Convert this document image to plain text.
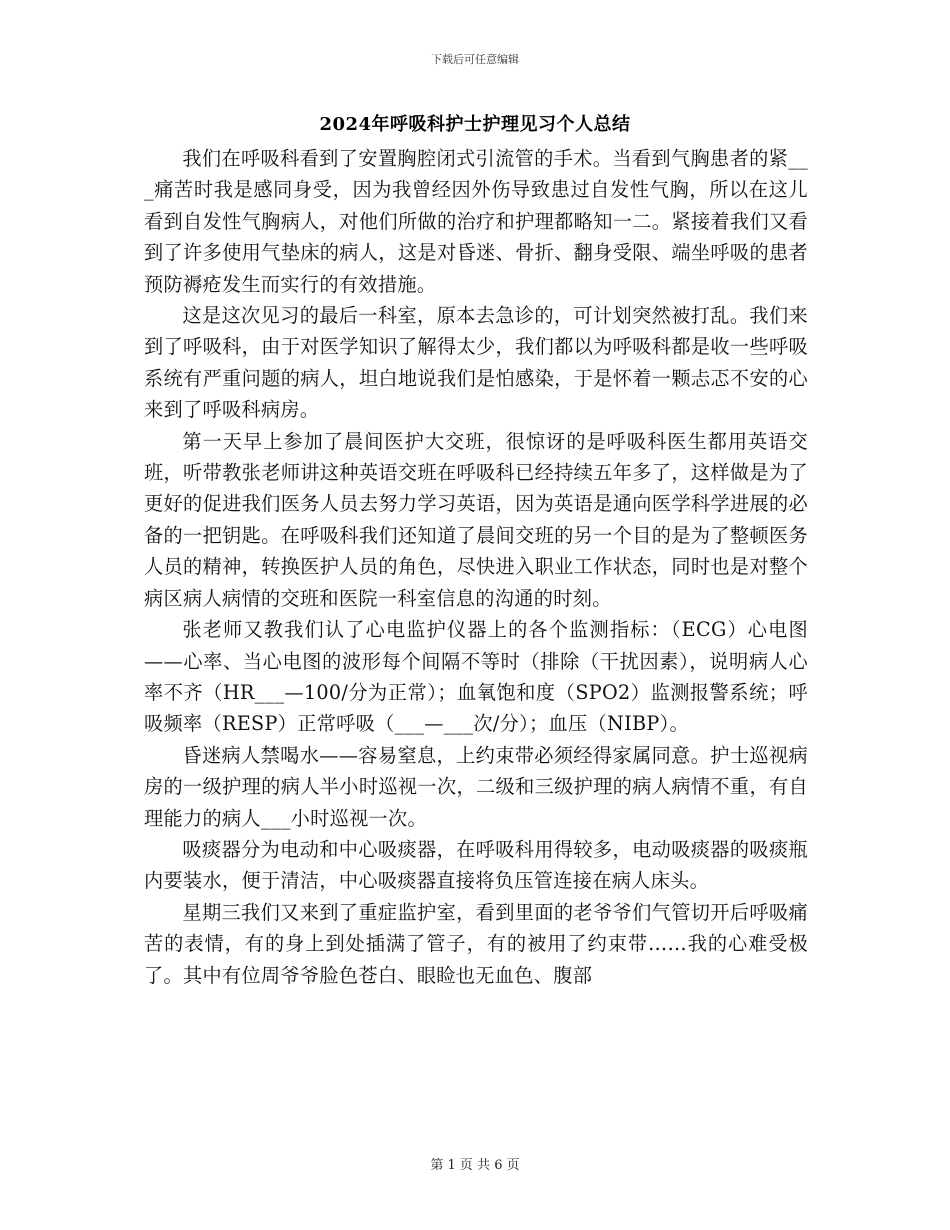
下载后可任意编辑
2024年呼吸科护士护理见习个人总结

我们在呼吸科看到了安置胸腔闭式引流管的手术。当看到气胸患者的紧___痛苦时我是感同身受，因为我曾经因外伤导致患过自发性气胸，所以在这儿看到自发性气胸病人，对他们所做的治疗和护理都略知一二。紧接着我们又看到了许多使用气垫床的病人，这是对昏迷、骨折、翻身受限、端坐呼吸的患者预防褥疮发生而实行的有效措施。

这是这次见习的最后一科室，原本去急诊的，可计划突然被打乱。我们来到了呼吸科，由于对医学知识了解得太少，我们都以为呼吸科都是收一些呼吸系统有严重问题的病人，坦白地说我们是怕感染，于是怀着一颗忐忑不安的心来到了呼吸科病房。

第一天早上参加了晨间医护大交班，很惊讶的是呼吸科医生都用英语交班，听带教张老师讲这种英语交班在呼吸科已经持续五年多了，这样做是为了更好的促进我们医务人员去努力学习英语，因为英语是通向医学科学进展的必备的一把钥匙。在呼吸科我们还知道了晨间交班的另一个目的是为了整顿医务人员的精神，转换医护人员的角色，尽快进入职业工作状态，同时也是对整个病区病人病情的交班和医院一科室信息的沟通的时刻。

张老师又教我们认了心电监护仪器上的各个监测指标：（ECG）心电图——心率、当心电图的波形每个间隔不等时（排除（干扰因素），说明病人心率不齐（HR___—100/分为正常）；血氧饱和度（SPO2）监测报警系统；呼吸频率（RESP）正常呼吸（___—___次/分）；血压（NIBP）。

昏迷病人禁喝水——容易窒息，上约束带必须经得家属同意。护士巡视病房的一级护理的病人半小时巡视一次，二级和三级护理的病人病情不重，有自理能力的病人___小时巡视一次。

吸痰器分为电动和中心吸痰器，在呼吸科用得较多，电动吸痰器的吸痰瓶内要装水，便于清洁，中心吸痰器直接将负压管连接在病人床头。

星期三我们又来到了重症监护室，看到里面的老爷爷们气管切开后呼吸痛苦的表情，有的身上到处插满了管子，有的被用了约束带……我的心难受极了。其中有位周爷爷脸色苍白、眼睑也无血色、腹部

第 1 页 共 6 页
